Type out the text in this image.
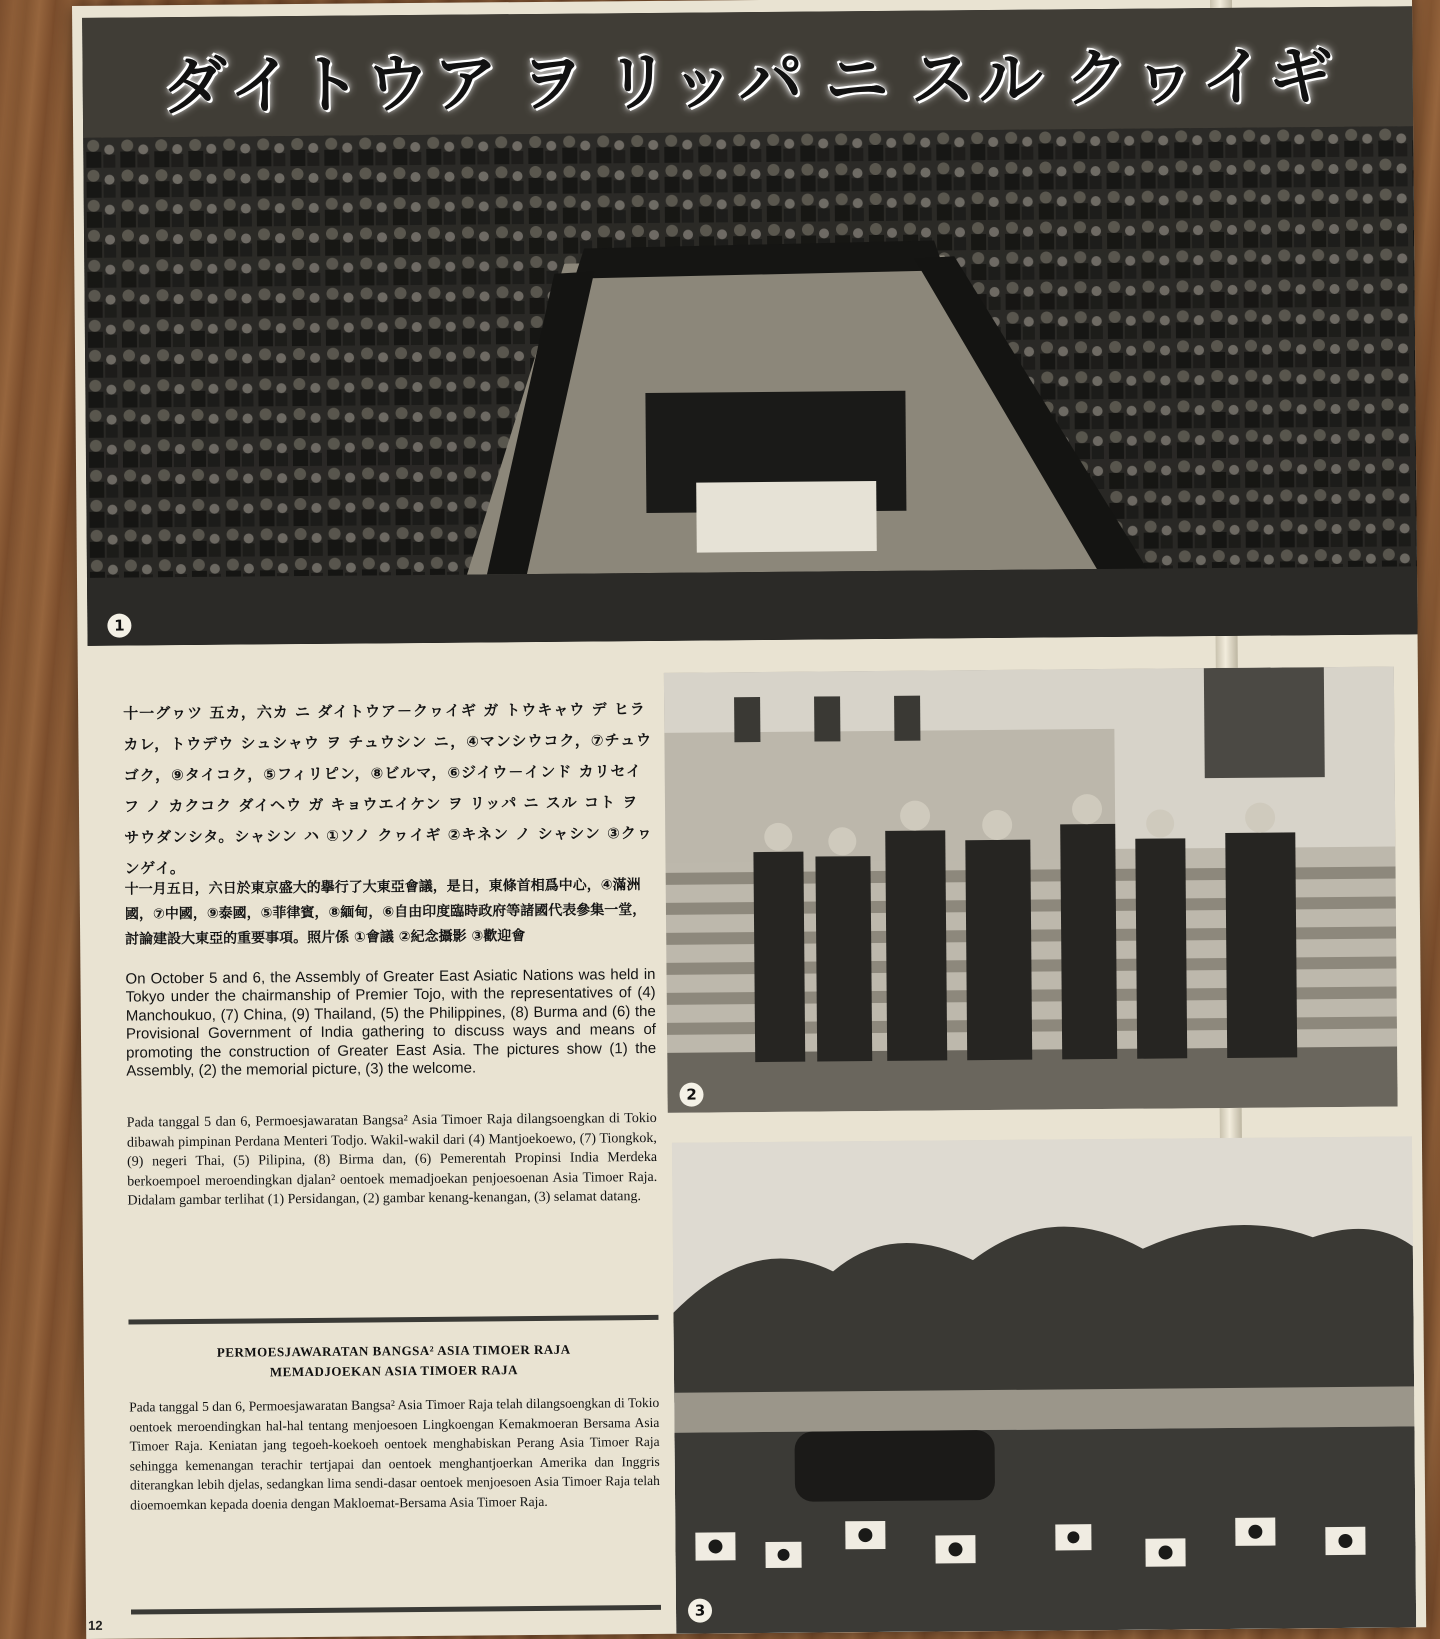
1
ダイトウア ヲ リッパ ニ スル クヮイギ
2
3
十一グヮツ 五カ，六カ ニ ダイトウア－クヮイギ ガ トウキャウ デ ヒラカレ，トウデウ シュシャウ ヲ チュウシン ニ，④マンシウコク，⑦チュウゴク，⑨タイコク，⑤フィリピン，⑧ビルマ，⑥ジイウ－インド カリセイフ ノ カクコク ダイヘウ ガ キョウエイケン ヲ リッパ ニ スル コト ヲ サウダンシタ。シャシン ハ ①ソノ クヮイギ ②キネン ノ シャシン ③クヮンゲイ。
十一月五日，六日於東京盛大的擧行了大東亞會議，是日，東條首相爲中心，④滿洲國，⑦中國，⑨泰國，⑤菲律賓，⑧緬甸，⑥自由印度臨時政府等諸國代表參集一堂，討論建設大東亞的重要事項。照片係 ①會議 ②紀念攝影 ③歡迎會
On October 5 and 6, the Assembly of Greater East Asiatic Nations was held in Tokyo under the chairmanship of Premier Tojo, with the representatives of (4) Manchoukuo, (7) China, (9) Thailand, (5) the Philippines, (8) Burma and (6) the Provisional Government of India gathering to discuss ways and means of promoting the construction of Greater East Asia. The pictures show (1) the Assembly, (2) the memorial picture, (3) the welcome.
Pada tanggal 5 dan 6, Permoesjawaratan Bangsa² Asia Timoer Raja dilangsoengkan di Tokio dibawah pimpinan Perdana Menteri Todjo. Wakil-wakil dari (4) Mantjoekoewo, (7) Tiongkok, (9) negeri Thai, (5) Pilipina, (8) Birma dan, (6) Pemerentah Propinsi India Merdeka berkoempoel meroendingkan djalan² oentoek memadjoekan penjoesoenan Asia Timoer Raja. Didalam gambar terlihat (1) Persidangan, (2) gambar kenang-kenangan, (3) selamat datang.
PERMOESJAWARATAN BANGSA² ASIA TIMOER RAJA
MEMADJOEKAN ASIA TIMOER RAJA
Pada tanggal 5 dan 6, Permoesjawaratan Bangsa² Asia Timoer Raja telah dilangsoengkan di Tokio oentoek meroendingkan hal-hal tentang menjoesoen Lingkoengan Kemakmoeran Bersama Asia Timoer Raja. Keniatan jang tegoeh-koekoeh oentoek menghabiskan Perang Asia Timoer Raja sehingga kemenangan terachir tertjapai dan oentoek menghantjoerkan Amerika dan Inggris diterangkan lebih djelas, sedangkan lima sendi-dasar oentoek menjoesoen Asia Timoer Raja telah dioemoemkan kepada doenia dengan Makloemat-Bersama Asia Timoer Raja.
12
